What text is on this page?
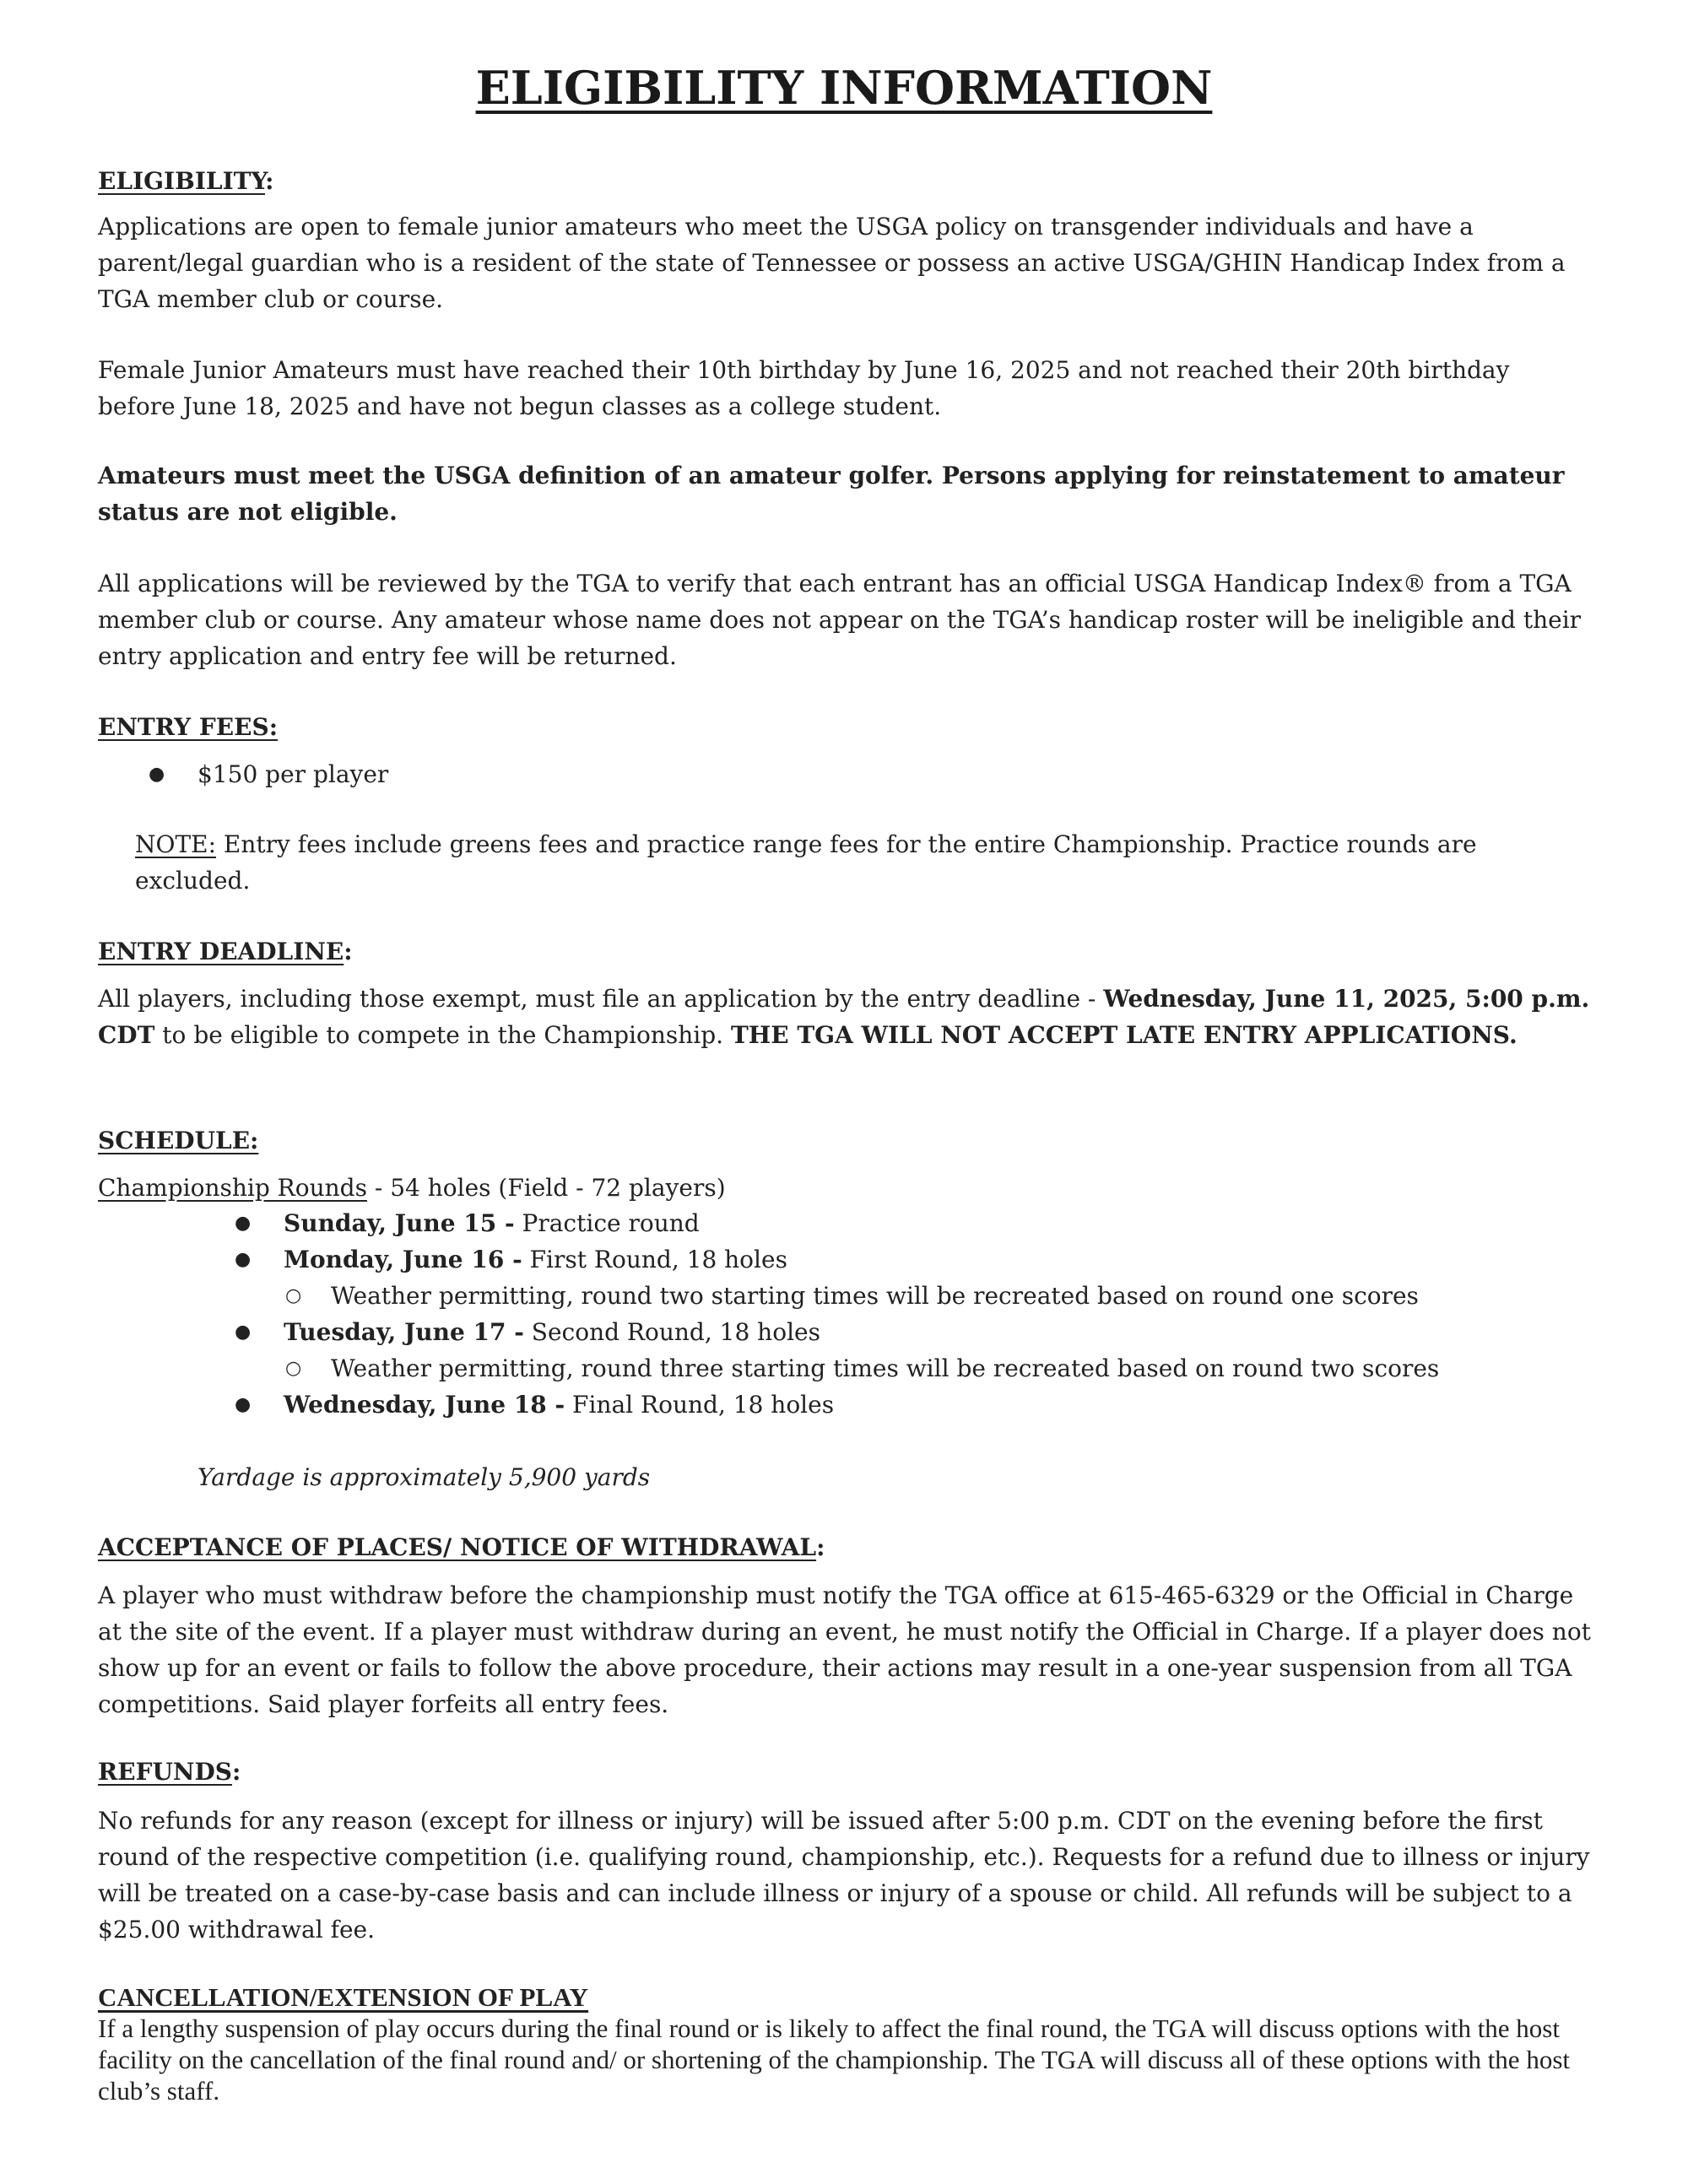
ELIGIBILITY INFORMATION
ELIGIBILITY:
Applications are open to female junior amateurs who meet the USGA policy on transgender individuals and have a parent/legal guardian who is a resident of the state of Tennessee or possess an active USGA/GHIN Handicap Index from a TGA member club or course.
Female Junior Amateurs must have reached their 10th birthday by June 16, 2025 and not reached their 20th birthday before June 18, 2025 and have not begun classes as a college student.
Amateurs must meet the USGA definition of an amateur golfer. Persons applying for reinstatement to amateur status are not eligible.
All applications will be reviewed by the TGA to verify that each entrant has an official USGA Handicap Index® from a TGA member club or course. Any amateur whose name does not appear on the TGA’s handicap roster will be ineligible and their entry application and entry fee will be returned.
ENTRY FEES:
● $150 per player
NOTE: Entry fees include greens fees and practice range fees for the entire Championship. Practice rounds are excluded.
ENTRY DEADLINE:
All players, including those exempt, must file an application by the entry deadline - Wednesday, June 11, 2025, 5:00 p.m. CDT to be eligible to compete in the Championship. THE TGA WILL NOT ACCEPT LATE ENTRY APPLICATIONS.
SCHEDULE:
Championship Rounds - 54 holes (Field - 72 players)
● Sunday, June 15 - Practice round
● Monday, June 16 - First Round, 18 holes
○ Weather permitting, round two starting times will be recreated based on round one scores
● Tuesday, June 17 - Second Round, 18 holes
○ Weather permitting, round three starting times will be recreated based on round two scores
● Wednesday, June 18 - Final Round, 18 holes
Yardage is approximately 5,900 yards
ACCEPTANCE OF PLACES/ NOTICE OF WITHDRAWAL:
A player who must withdraw before the championship must notify the TGA office at 615-465-6329 or the Official in Charge at the site of the event. If a player must withdraw during an event, he must notify the Official in Charge. If a player does not show up for an event or fails to follow the above procedure, their actions may result in a one-year suspension from all TGA competitions. Said player forfeits all entry fees.
REFUNDS:
No refunds for any reason (except for illness or injury) will be issued after 5:00 p.m. CDT on the evening before the first round of the respective competition (i.e. qualifying round, championship, etc.). Requests for a refund due to illness or injury will be treated on a case-by-case basis and can include illness or injury of a spouse or child. All refunds will be subject to a $25.00 withdrawal fee.
CANCELLATION/EXTENSION OF PLAY
If a lengthy suspension of play occurs during the final round or is likely to affect the final round, the TGA will discuss options with the host facility on the cancellation of the final round and/ or shortening of the championship. The TGA will discuss all of these options with the host club’s staff.
